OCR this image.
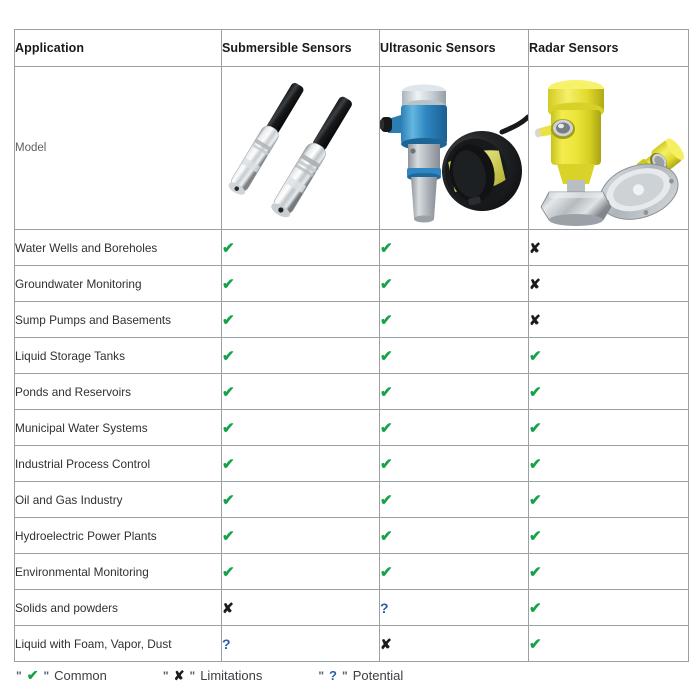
Application	Submersible Sensors	Ultrasonic Sensors	Radar Sensors
Model	

Water Wells and Boreholes	✔	✔	✘
Groundwater Monitoring	✔	✔	✘
Sump Pumps and Basements	✔	✔	✘
Liquid Storage Tanks	✔	✔	✔
Ponds and Reservoirs	✔	✔	✔
Municipal Water Systems	✔	✔	✔
Industrial Process Control	✔	✔	✔
Oil and Gas Industry	✔	✔	✔
Hydroelectric Power Plants	✔	✔	✔
Environmental Monitoring	✔	✔	✔
Solids and powders	✘	?	✔
Liquid with Foam, Vapor, Dust	?	✘	✔
" ✔ " Common	" ✘ " Limitations	" ? " Potential
